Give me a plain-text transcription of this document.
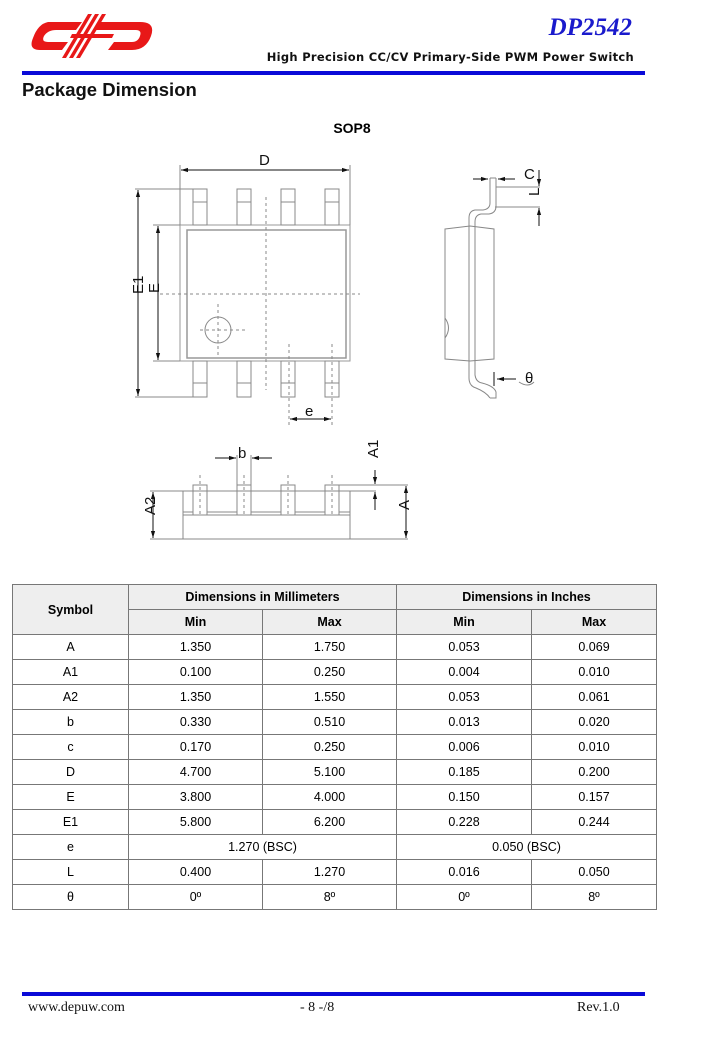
DP2542
High Precision CC/CV Primary-Side PWM Power Switch
Package Dimension
SOP8
D
E1 E
e
C
L
θ
b	A1
A2	A
Symbol	Dimensions in Millimeters		Dimensions in Inches	
	Min	Max	Min	Max
A	1.350	1.750	0.053	0.069
A1	0.100	0.250	0.004	0.010
A2	1.350	1.550	0.053	0.061
b	0.330	0.510	0.013	0.020
c	0.170	0.250	0.006	0.010
D	4.700	5.100	0.185	0.200
E	3.800	4.000	0.150	0.157
E1	5.800	6.200	0.228	0.244
e	1.270 (BSC)		0.050 (BSC)	
L	0.400	1.270	0.016	0.050
θ	0º	8º	0º	8º
www.depuw.com	- 8 -/8	Rev.1.0
